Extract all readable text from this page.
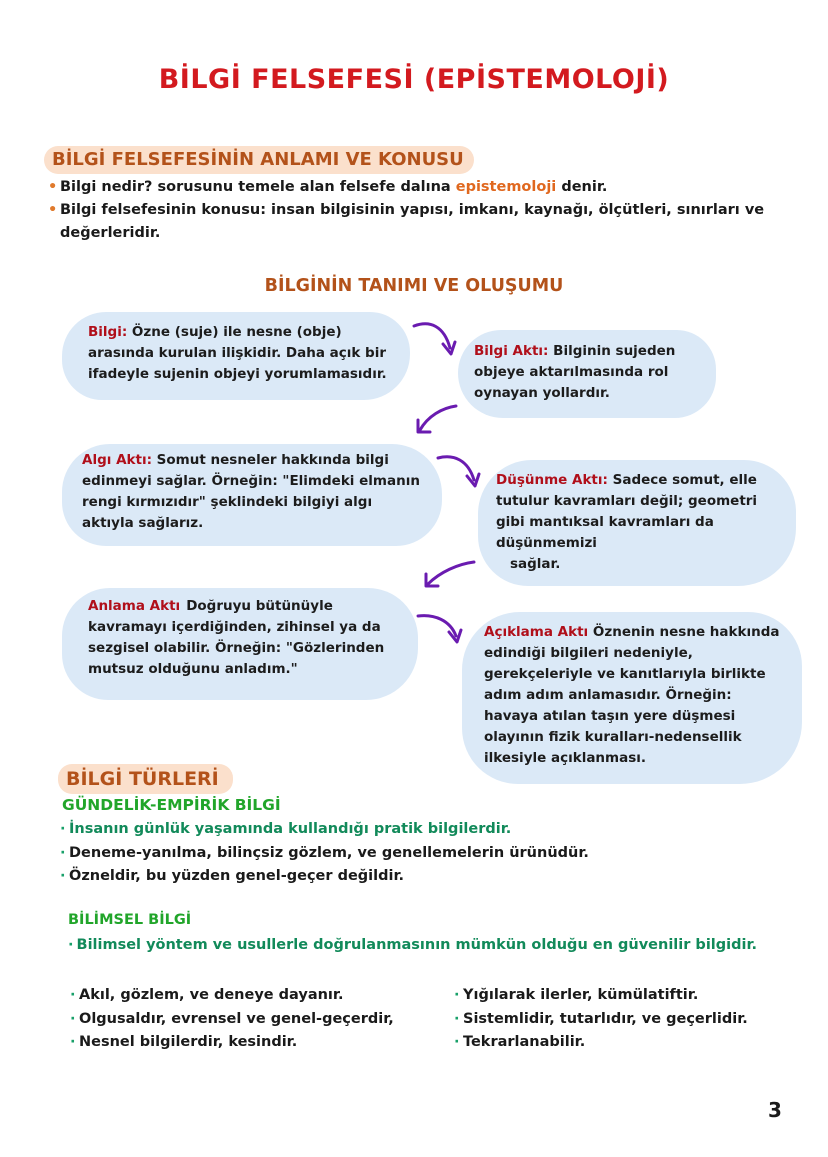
BİLGİ FELSEFESİ (EPİSTEMOLOJİ)
BİLGİ FELSEFESİNİN ANLAMI VE KONUSU
• Bilgi nedir? sorusunu temele alan felsefe dalına epistemoloji denir.
• Bilgi felsefesinin konusu: insan bilgisinin yapısı, imkanı, kaynağı, ölçütleri, sınırları ve değerleridir.
BİLGİNİN TANIMI VE OLUŞUMU
Bilgi: Özne (suje) ile nesne (obje) arasında kurulan ilişkidir. Daha açık bir ifadeyle sujenin objeyi yorumlamasıdır.
Bilgi Aktı: Bilginin sujeden objeye aktarılmasında rol oynayan yollardır.
Algı Aktı: Somut nesneler hakkında bilgi edinmeyi sağlar. Örneğin: "Elimdeki elmanın rengi kırmızıdır" şeklindeki bilgiyi algı aktıyla sağlarız.
Düşünme Aktı: Sadece somut, elle tutulur kavramları değil; geometri gibi mantıksal kavramları da düşünmemizi
sağlar.
Anlama Aktı Doğruyu bütünüyle kavramayı içerdiğinden, zihinsel ya da sezgisel olabilir. Örneğin: "Gözlerinden mutsuz olduğunu anladım."
Açıklama Aktı Öznenin nesne hakkında edindiği bilgileri nedeniyle, gerekçeleriyle ve kanıtlarıyla birlikte adım adım anlamasıdır. Örneğin: havaya atılan taşın yere düşmesi olayının fizik kuralları-nedensellik ilkesiyle açıklanması.
BİLGİ TÜRLERİ
GÜNDELİK-EMPİRİK BİLGİ
· İnsanın günlük yaşamında kullandığı pratik bilgilerdir.
· Deneme-yanılma, bilinçsiz gözlem, ve genellemelerin ürünüdür.
· Özneldir, bu yüzden genel-geçer değildir.
BİLİMSEL BİLGİ
· Bilimsel yöntem ve usullerle doğrulanmasının mümkün olduğu en güvenilir bilgidir.
· Akıl, gözlem, ve deneye dayanır.
· Olgusaldır, evrensel ve genel-geçerdir,
· Nesnel bilgilerdir, kesindir.
· Yığılarak ilerler, kümülatiftir.
· Sistemlidir, tutarlıdır, ve geçerlidir.
· Tekrarlanabilir.
3
